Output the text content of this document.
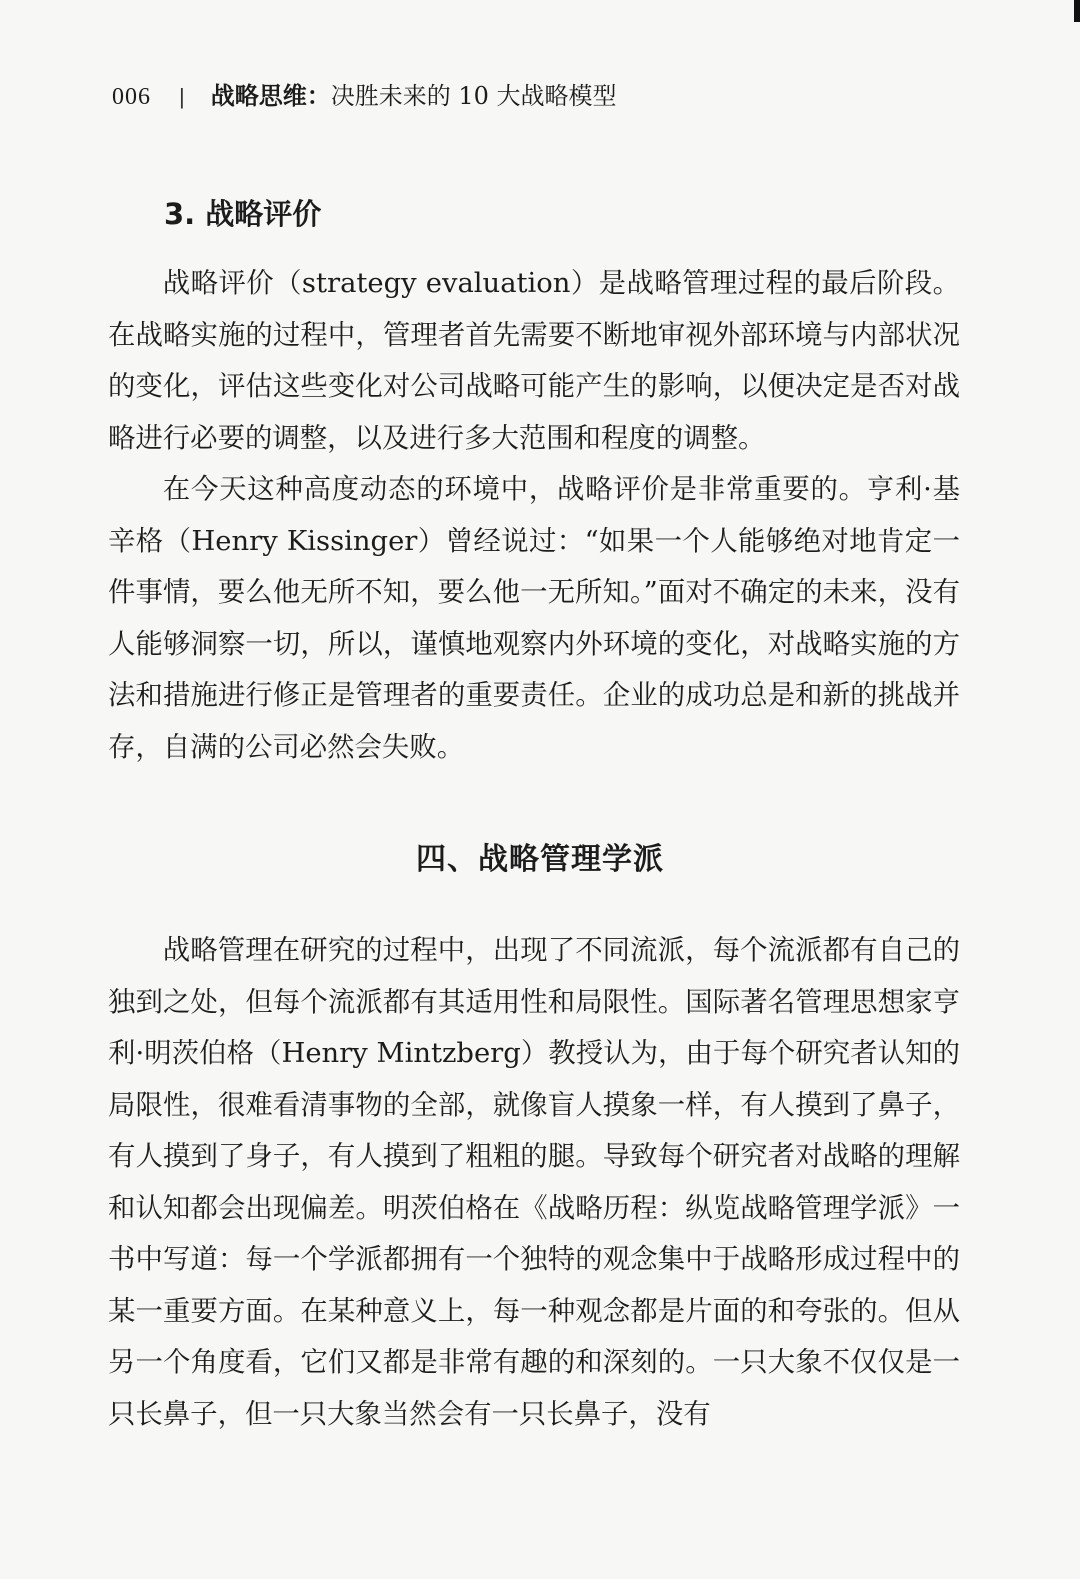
006 | 战略思维：决胜未来的 10 大战略模型
3. 战略评价

战略评价（strategy evaluation）是战略管理过程的最后阶段。在战略实施的过程中，管理者首先需要不断地审视外部环境与内部状况的变化，评估这些变化对公司战略可能产生的影响，以便决定是否对战略进行必要的调整，以及进行多大范围和程度的调整。

在今天这种高度动态的环境中，战略评价是非常重要的。亨利·基辛格（Henry Kissinger）曾经说过：“如果一个人能够绝对地肯定一件事情，要么他无所不知，要么他一无所知。”面对不确定的未来，没有人能够洞察一切，所以，谨慎地观察内外环境的变化，对战略实施的方法和措施进行修正是管理者的重要责任。企业的成功总是和新的挑战并存，自满的公司必然会失败。

四、战略管理学派

战略管理在研究的过程中，出现了不同流派，每个流派都有自己的独到之处，但每个流派都有其适用性和局限性。国际著名管理思想家亨利·明茨伯格（Henry Mintzberg）教授认为，由于每个研究者认知的局限性，很难看清事物的全部，就像盲人摸象一样，有人摸到了鼻子，有人摸到了身子，有人摸到了粗粗的腿。导致每个研究者对战略的理解和认知都会出现偏差。明茨伯格在《战略历程：纵览战略管理学派》一书中写道：每一个学派都拥有一个独特的观念集中于战略形成过程中的某一重要方面。在某种意义上，每一种观念都是片面的和夸张的。但从另一个角度看，它们又都是非常有趣的和深刻的。一只大象不仅仅是一只长鼻子，但一只大象当然会有一只长鼻子，没有
